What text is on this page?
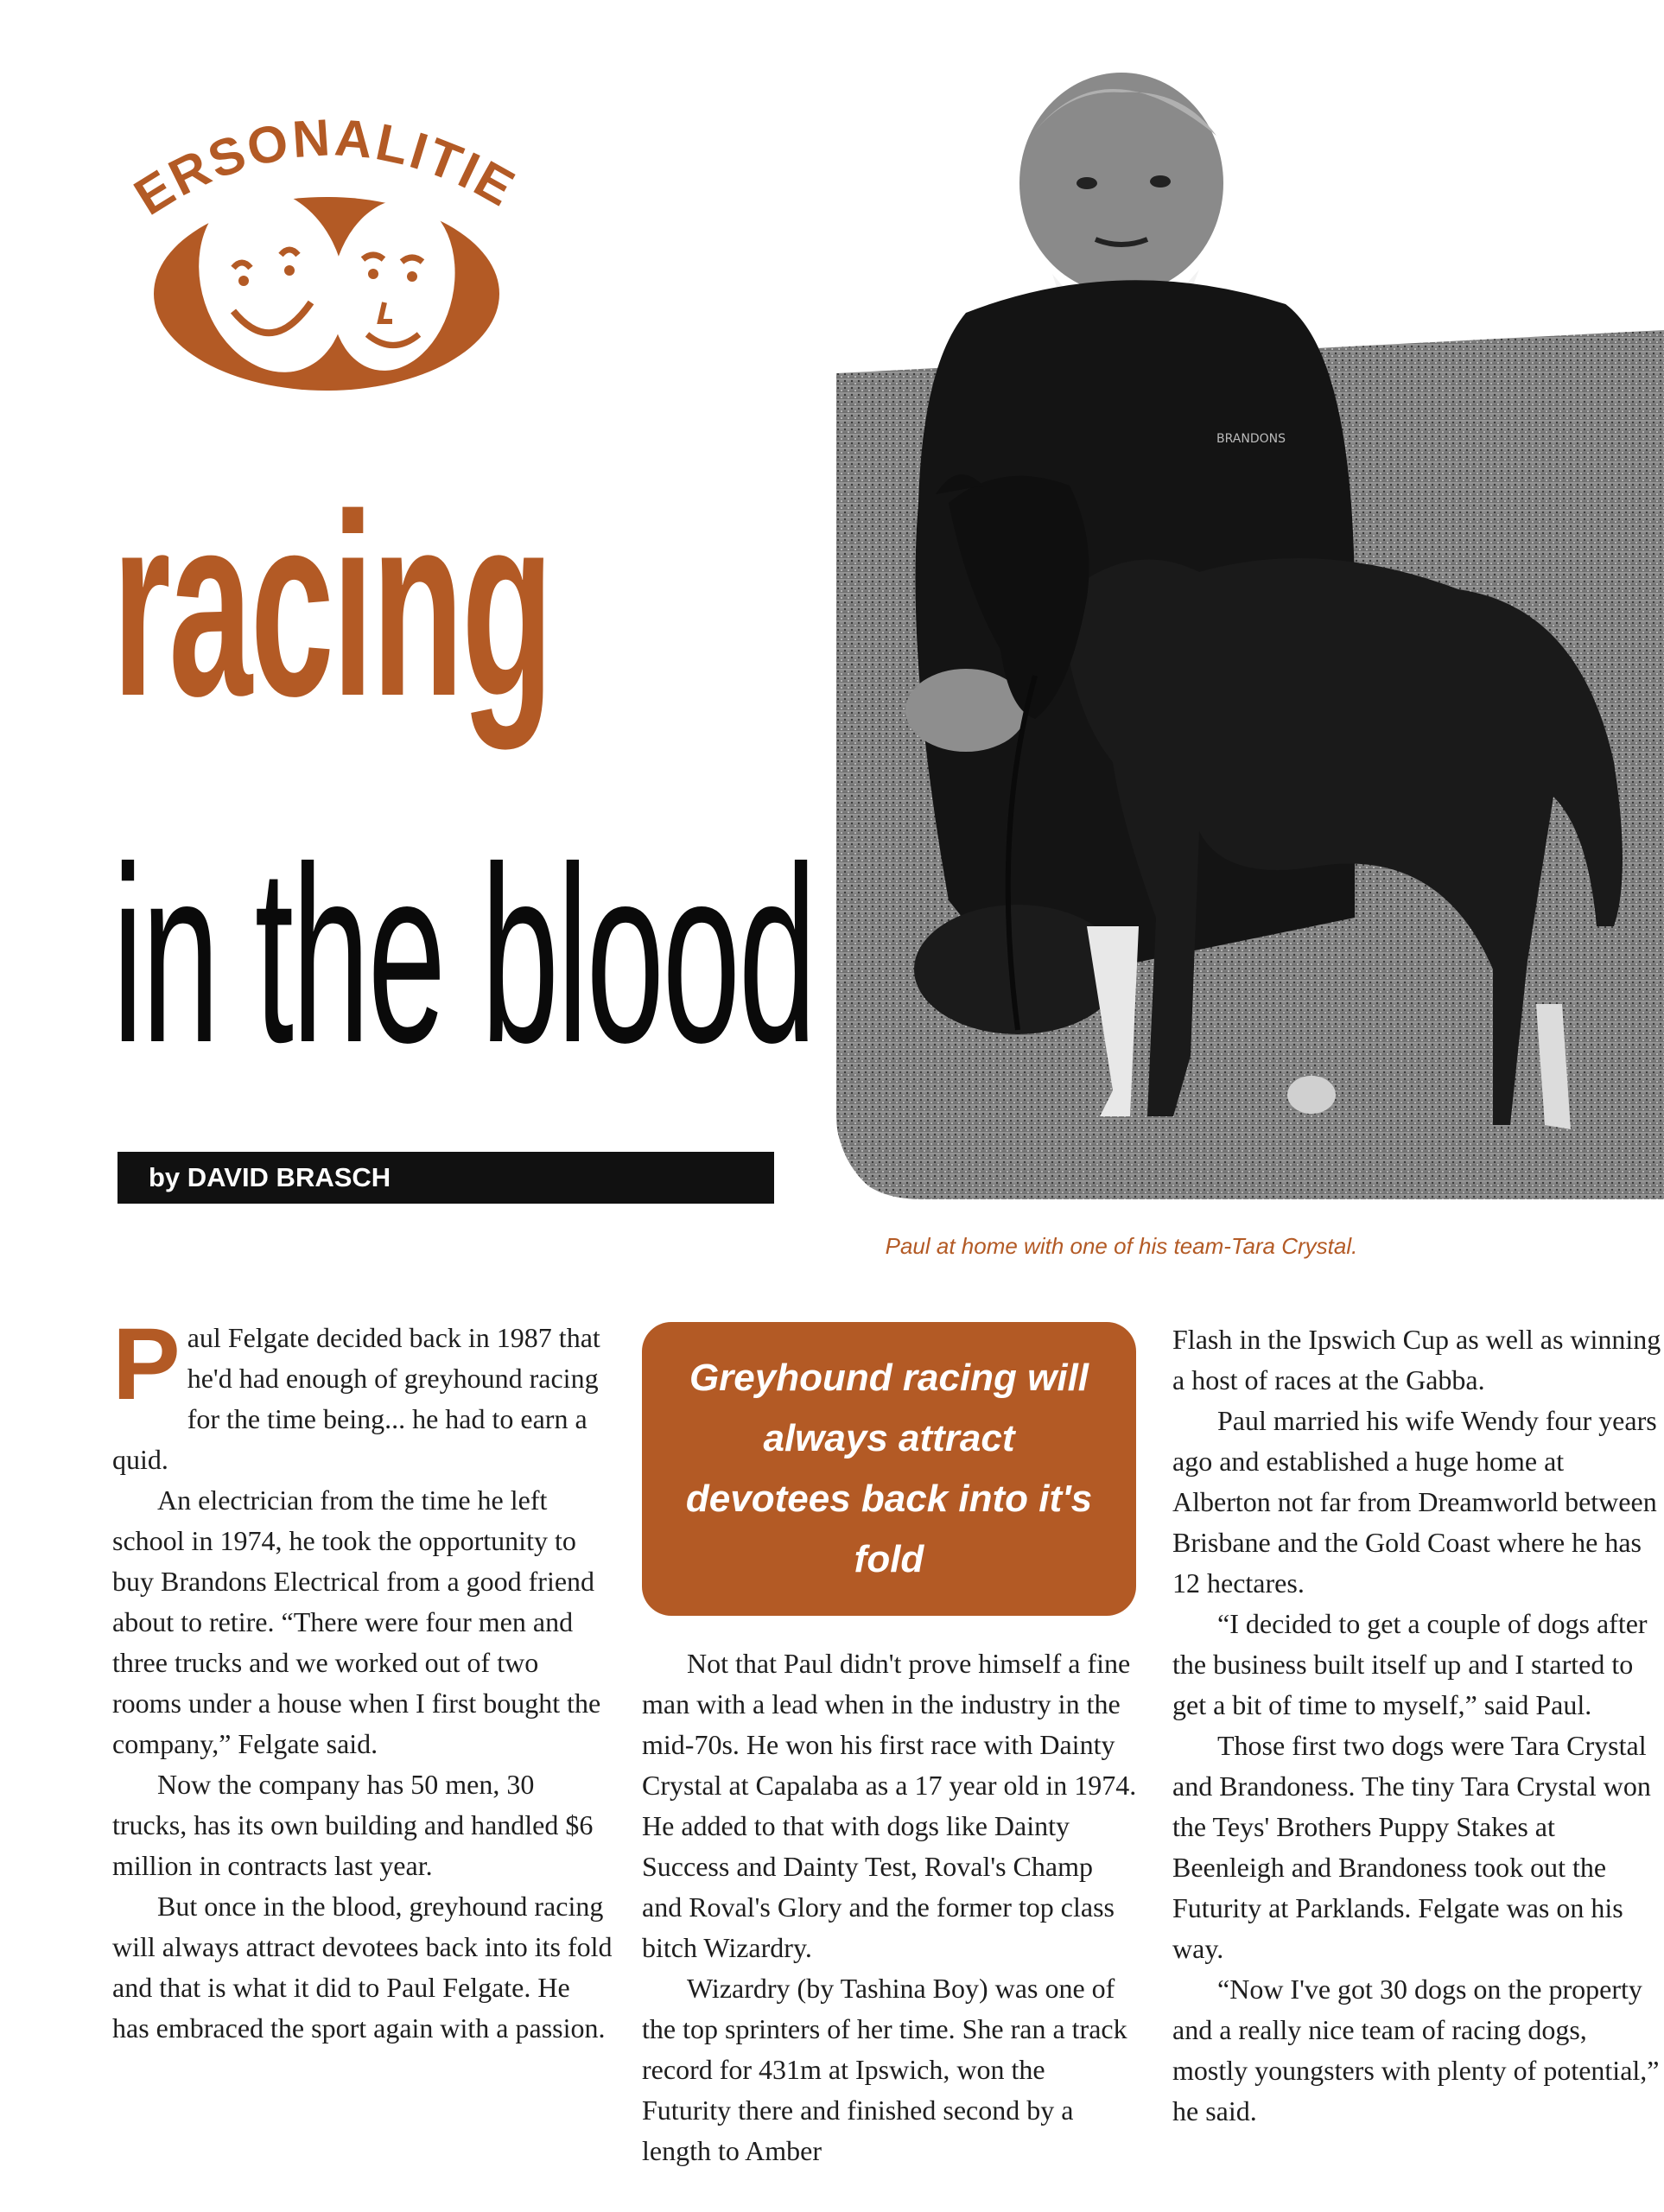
ERSONALITIE
racing
in the blood
by DAVID BRASCH
BRANDONS
Paul at home with one of his team-Tara Crystal.

Paul Felgate decided back in 1987 that he'd had enough of greyhound racing for the time being... he had to earn a quid.

An electrician from the time he left school in 1974, he took the opportunity to buy Brandons Electrical from a good friend about to retire. “There were four men and three trucks and we worked out of two rooms under a house when I first bought the company,” Felgate said.

Now the company has 50 men, 30 trucks, has its own building and handled $6 million in contracts last year.

But once in the blood, greyhound racing will always attract devotees back into its fold and that is what it did to Paul Felgate. He has embraced the sport again with a passion.

Greyhound racing will always attract devotees back into it's fold

Not that Paul didn't prove himself a fine man with a lead when in the industry in the mid-70s. He won his first race with Dainty Crystal at Capalaba as a 17 year old in 1974. He added to that with dogs like Dainty Success and Dainty Test, Roval's Champ and Roval's Glory and the former top class bitch Wizardry.

Wizardry (by Tashina Boy) was one of the top sprinters of her time. She ran a track record for 431m at Ipswich, won the Futurity there and finished second by a length to Amber

Flash in the Ipswich Cup as well as winning a host of races at the Gabba.

Paul married his wife Wendy four years ago and established a huge home at Alberton not far from Dreamworld between Brisbane and the Gold Coast where he has 12 hectares.

“I decided to get a couple of dogs after the business built itself up and I started to get a bit of time to myself,” said Paul.

Those first two dogs were Tara Crystal and Brandoness. The tiny Tara Crystal won the Teys' Brothers Puppy Stakes at Beenleigh and Brandoness took out the Futurity at Parklands. Felgate was on his way.

“Now I've got 30 dogs on the property and a really nice team of racing dogs, mostly youngsters with plenty of potential,” he said.
